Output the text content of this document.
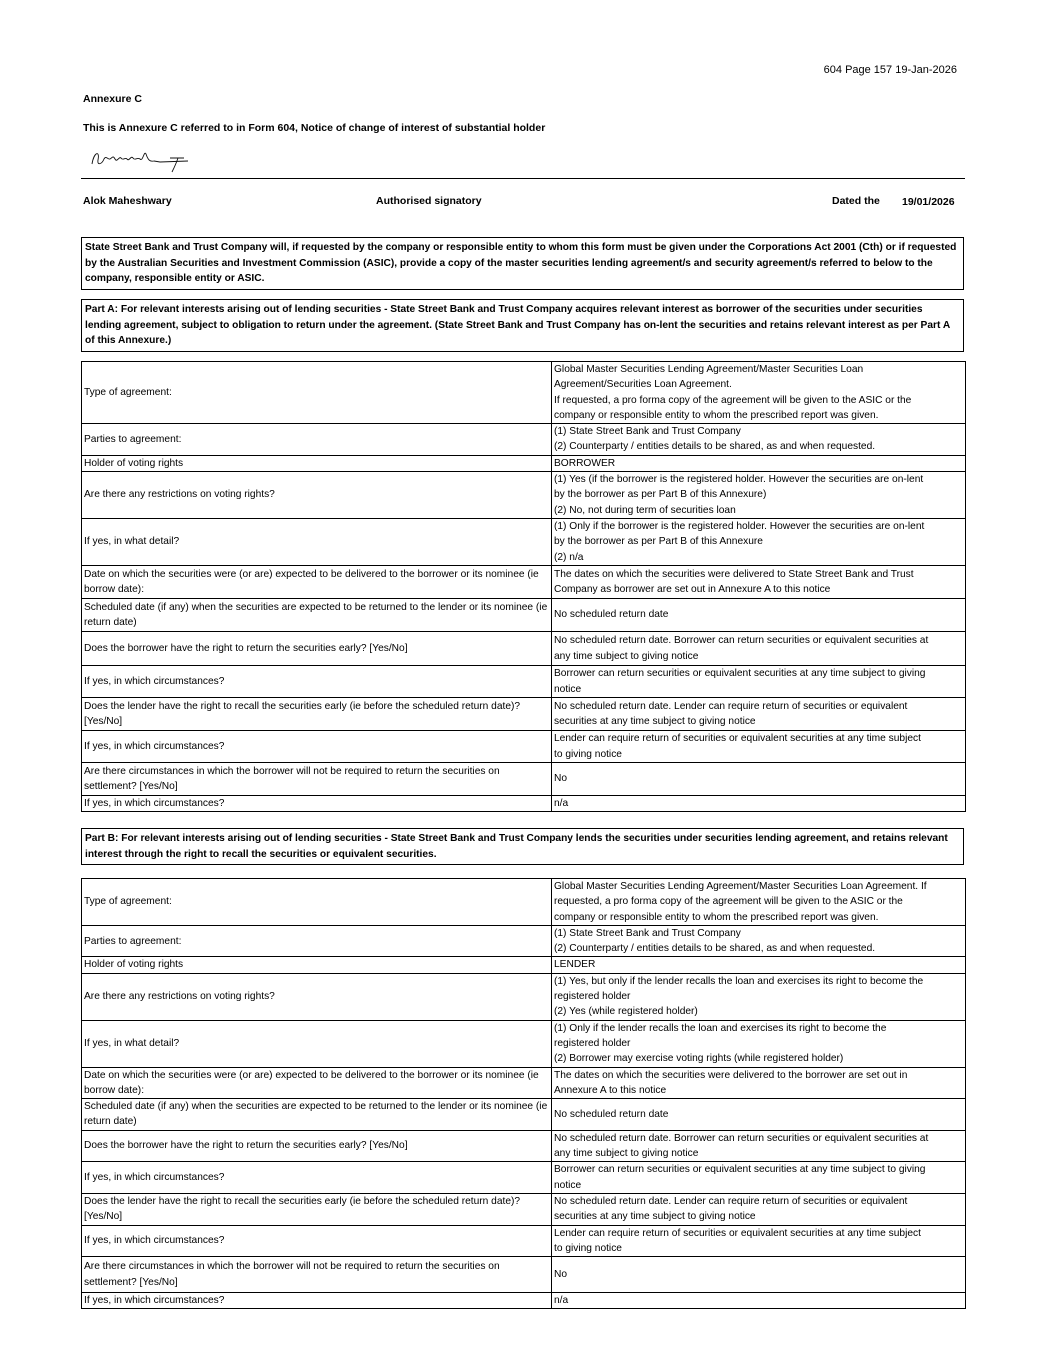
604 Page 157 19-Jan-2026
Annexure C
This is Annexure C referred to in Form 604, Notice of change of interest of substantial holder
Alok Maheshwary	Authorised signatory	Dated the 19/01/2026
State Street Bank and Trust Company will, if requested by the company or responsible entity to whom this form must be given under the Corporations Act 2001 (Cth) or if requested by the Australian Securities and Investment Commission (ASIC), provide a copy of the master securities lending agreement/s and security agreement/s referred to below to the company, responsible entity or ASIC.
Part A: For relevant interests arising out of lending securities - State Street Bank and Trust Company acquires relevant interest as borrower of the securities under securities lending agreement, subject to obligation to return under the agreement. (State Street Bank and Trust Company has on-lent the securities and retains relevant interest as per Part A of this Annexure.)
Type of agreement:	Global Master Securities Lending Agreement/Master Securities Loan
Agreement/Securities Loan Agreement.
If requested, a pro forma copy of the agreement will be given to the ASIC or the
company or responsible entity to whom the prescribed report was given.

Parties to agreement:	(1) State Street Bank and Trust Company
(2) Counterparty / entities details to be shared, as and when requested.

Holder of voting rights	BORROWER

Are there any restrictions on voting rights?	(1) Yes (if the borrower is the registered holder. However the securities are on-lent
by the borrower as per Part B of this Annexure)
(2) No, not during term of securities loan

If yes, in what detail?	(1) Only if the borrower is the registered holder. However the securities are on-lent
by the borrower as per Part B of this Annexure
(2) n/a

Date on which the securities were (or are) expected to be delivered to the borrower or its nominee (ie borrow date):	The dates on which the securities were delivered to State Street Bank and Trust
Company as borrower are set out in Annexure A to this notice

Scheduled date (if any) when the securities are expected to be returned to the lender or its nominee (ie return date)	No scheduled return date

Does the borrower have the right to return the securities early? [Yes/No]	No scheduled return date. Borrower can return securities or equivalent securities at
any time subject to giving notice

If yes, in which circumstances?	Borrower can return securities or equivalent securities at any time subject to giving
notice

Does the lender have the right to recall the securities early (ie before the scheduled return date)? [Yes/No]	No scheduled return date. Lender can require return of securities or equivalent
securities at any time subject to giving notice

If yes, in which circumstances?	Lender can require return of securities or equivalent securities at any time subject
to giving notice

Are there circumstances in which the borrower will not be required to return the securities on settlement? [Yes/No]	No

If yes, in which circumstances?	n/a
Part B: For relevant interests arising out of lending securities - State Street Bank and Trust Company lends the securities under securities lending agreement, and retains relevant interest through the right to recall the securities or equivalent securities.
Type of agreement:	Global Master Securities Lending Agreement/Master Securities Loan Agreement. If
requested, a pro forma copy of the agreement will be given to the ASIC or the
company or responsible entity to whom the prescribed report was given.

Parties to agreement:	(1) State Street Bank and Trust Company
(2) Counterparty / entities details to be shared, as and when requested.

Holder of voting rights	LENDER

Are there any restrictions on voting rights?	(1) Yes, but only if the lender recalls the loan and exercises its right to become the
registered holder
(2) Yes (while registered holder)

If yes, in what detail?	(1) Only if the lender recalls the loan and exercises its right to become the
registered holder
(2) Borrower may exercise voting rights (while registered holder)

Date on which the securities were (or are) expected to be delivered to the borrower or its nominee (ie borrow date):	The dates on which the securities were delivered to the borrower are set out in
Annexure A to this notice

Scheduled date (if any) when the securities are expected to be returned to the lender or its nominee (ie return date)	No scheduled return date

Does the borrower have the right to return the securities early? [Yes/No]	No scheduled return date. Borrower can return securities or equivalent securities at
any time subject to giving notice

If yes, in which circumstances?	Borrower can return securities or equivalent securities at any time subject to giving
notice

Does the lender have the right to recall the securities early (ie before the scheduled return date)? [Yes/No]	No scheduled return date. Lender can require return of securities or equivalent
securities at any time subject to giving notice

If yes, in which circumstances?	Lender can require return of securities or equivalent securities at any time subject
to giving notice

Are there circumstances in which the borrower will not be required to return the securities on settlement? [Yes/No]	No

If yes, in which circumstances?	n/a
